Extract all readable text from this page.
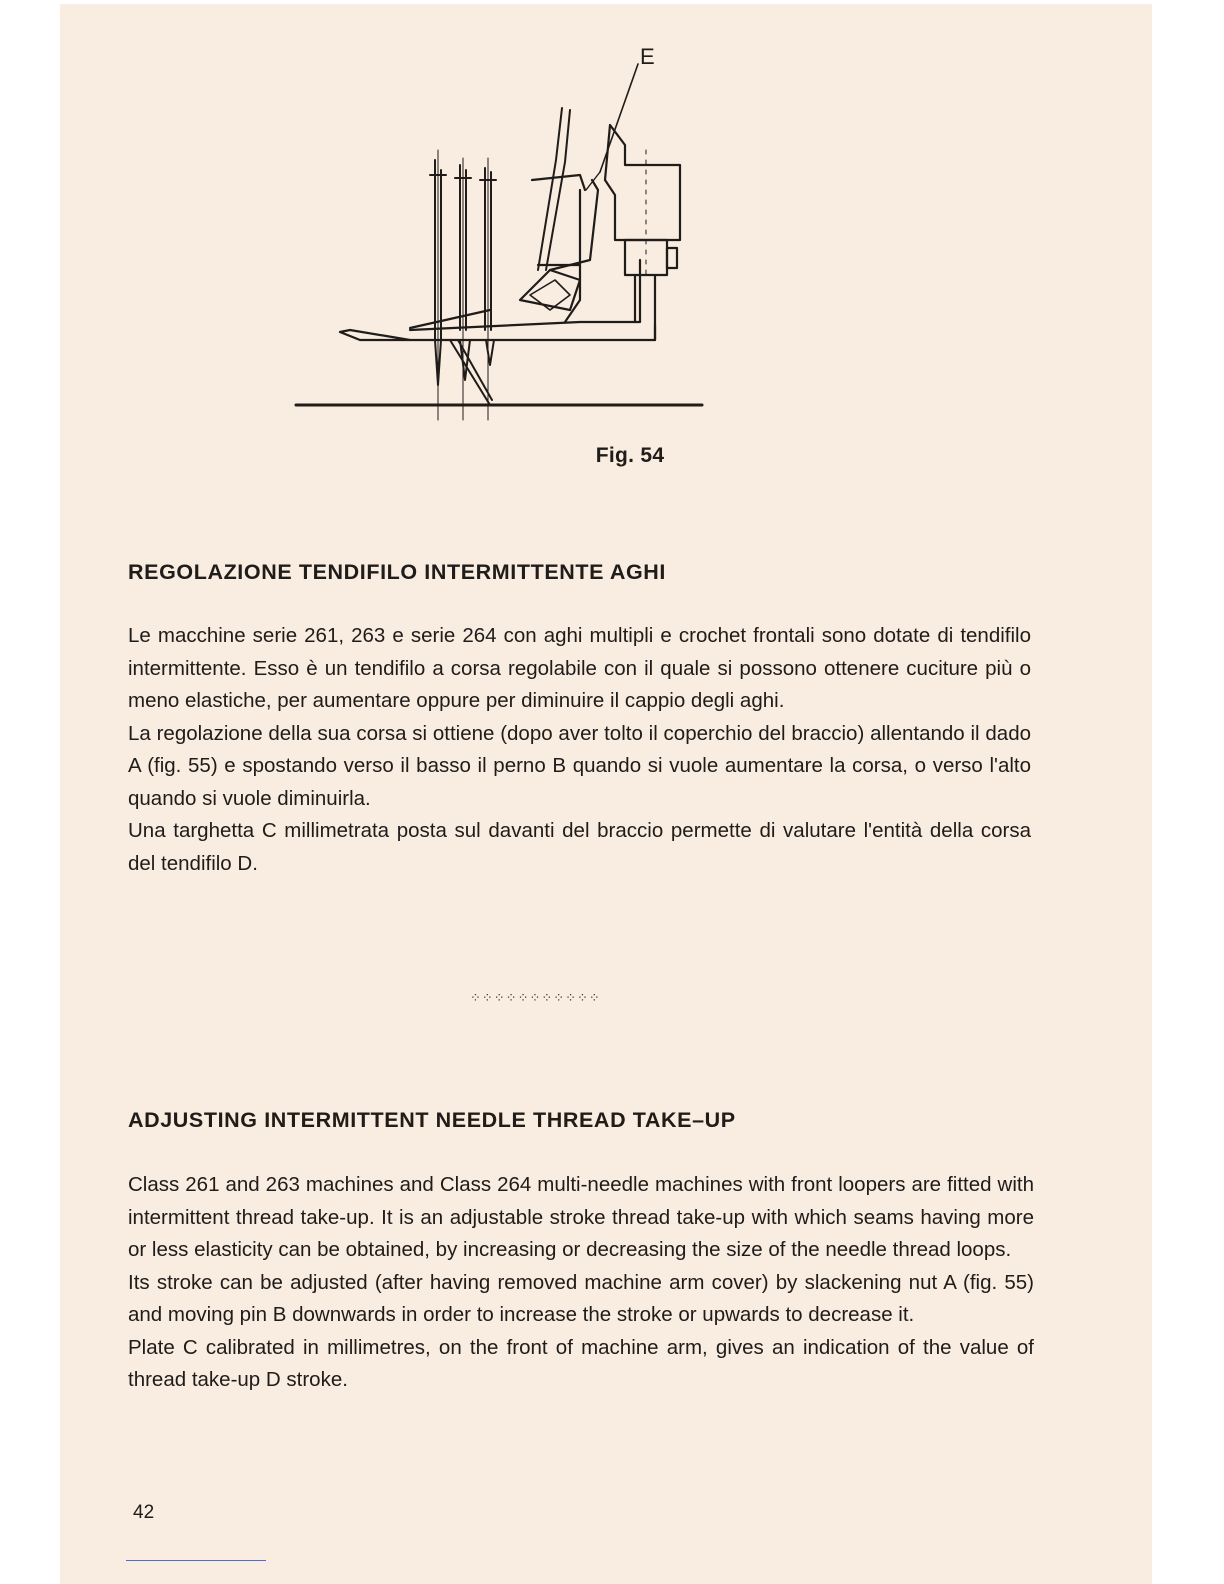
E
Fig. 54
REGOLAZIONE TENDIFILO INTERMITTENTE AGHI

Le macchine serie 261, 263 e serie 264 con aghi multipli e crochet frontali sono dotate di tendifilo intermittente. Esso è un tendifilo a corsa regolabile con il quale si possono ottenere cuciture più o meno elastiche, per aumentare oppure per diminuire il cappio degli aghi.

La regolazione della sua corsa si ottiene (dopo aver tolto il coperchio del braccio) allentando il dado A (fig. 55) e spostando verso il basso il perno B quando si vuole aumentare la corsa, o verso l'alto quando si vuole diminuirla.

Una targhetta C millimetrata posta sul davanti del braccio permette di valutare l'entità della corsa del tendifilo D.

⁘⁘⁘⁘⁘⁘⁘⁘⁘⁘⁘
ADJUSTING INTERMITTENT NEEDLE THREAD TAKE–UP

Class 261 and 263 machines and Class 264 multi-needle machines with front loopers are fitted with intermittent thread take-up. It is an adjustable stroke thread take-up with which seams having more or less elasticity can be obtained, by increasing or decreasing the size of the needle thread loops.

Its stroke can be adjusted (after having removed machine arm cover) by slackening nut A (fig. 55) and moving pin B downwards in order to increase the stroke or upwards to decrease it.

Plate C calibrated in millimetres, on the front of machine arm, gives an indication of the value of thread take-up D stroke.

42
